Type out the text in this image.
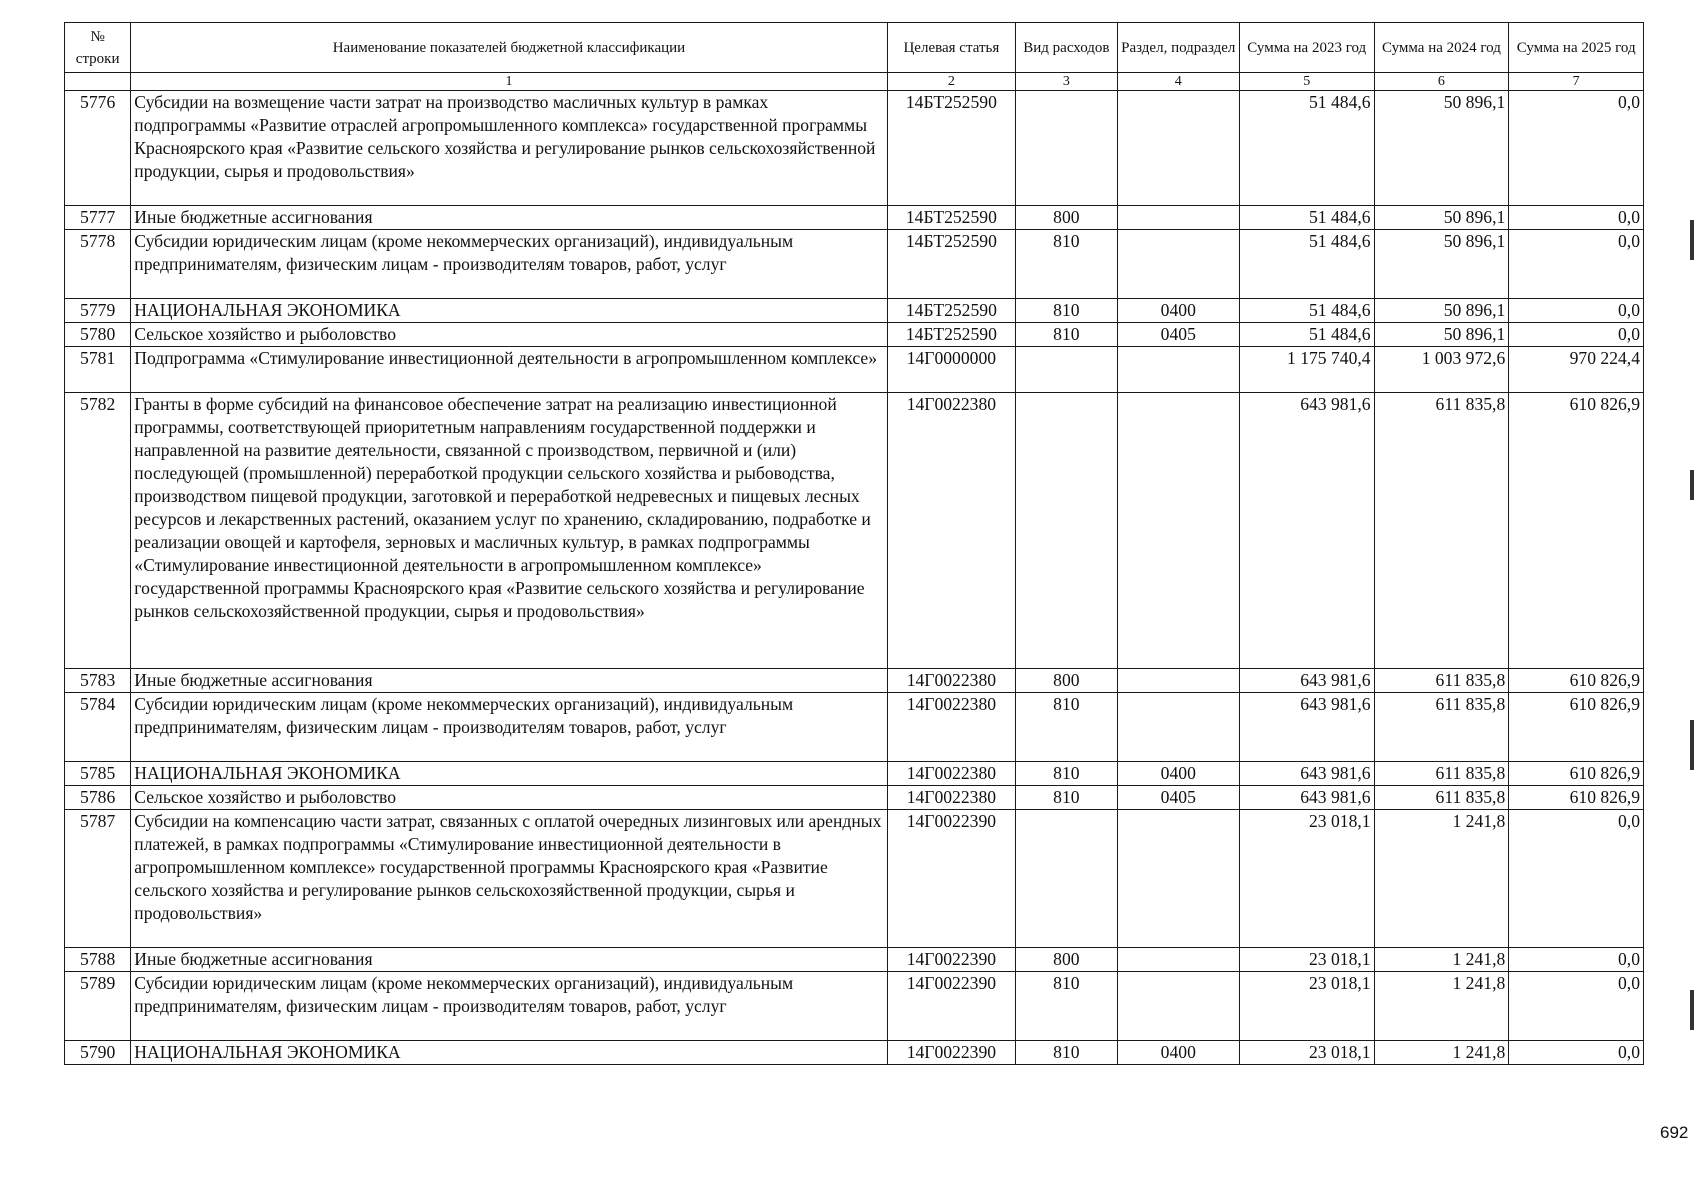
№ строки	Наименование показателей бюджетной классификации	Целевая статья	Вид расходов	Раздел, подраздел	Сумма на 2023 год	Сумма на 2024 год	Сумма на 2025 год
	1	2	3	4	5	6	7
5776	Субсидии на возмещение части затрат на производство масличных культур в рамках подпрограммы «Развитие отраслей агропромышленного комплекса» государственной программы Красноярского края «Развитие сельского хозяйства и регулирование рынков сельскохозяйственной продукции, сырья и продовольствия»	14БТ252590			51 484,6	50 896,1	0,0
5777	Иные бюджетные ассигнования	14БТ252590	800		51 484,6	50 896,1	0,0
5778	Субсидии юридическим лицам (кроме некоммерческих организаций), индивидуальным предпринимателям, физическим лицам - производителям товаров, работ, услуг	14БТ252590	810		51 484,6	50 896,1	0,0
5779	НАЦИОНАЛЬНАЯ ЭКОНОМИКА	14БТ252590	810	0400	51 484,6	50 896,1	0,0
5780	Сельское хозяйство и рыболовство	14БТ252590	810	0405	51 484,6	50 896,1	0,0
5781	Подпрограмма «Стимулирование инвестиционной деятельности в агропромышленном комплексе»	14Г0000000			1 175 740,4	1 003 972,6	970 224,4
5782	Гранты в форме субсидий на финансовое обеспечение затрат на реализацию инвестиционной программы, соответствующей приоритетным направлениям государственной поддержки и направленной на развитие деятельности, связанной с производством, первичной и (или) последующей (промышленной) переработкой продукции сельского хозяйства и рыбоводства, производством пищевой продукции, заготовкой и переработкой недревесных и пищевых лесных ресурсов и лекарственных растений, оказанием услуг по хранению, складированию, подработке и реализации овощей и картофеля, зерновых и масличных культур, в рамках подпрограммы «Стимулирование инвестиционной деятельности в агропромышленном комплексе» государственной программы Красноярского края «Развитие сельского хозяйства и регулирование рынков сельскохозяйственной продукции, сырья и продовольствия»	14Г0022380			643 981,6	611 835,8	610 826,9
5783	Иные бюджетные ассигнования	14Г0022380	800		643 981,6	611 835,8	610 826,9
5784	Субсидии юридическим лицам (кроме некоммерческих организаций), индивидуальным предпринимателям, физическим лицам - производителям товаров, работ, услуг	14Г0022380	810		643 981,6	611 835,8	610 826,9
5785	НАЦИОНАЛЬНАЯ ЭКОНОМИКА	14Г0022380	810	0400	643 981,6	611 835,8	610 826,9
5786	Сельское хозяйство и рыболовство	14Г0022380	810	0405	643 981,6	611 835,8	610 826,9
5787	Субсидии на компенсацию части затрат, связанных с оплатой очередных лизинговых или арендных платежей, в рамках подпрограммы «Стимулирование инвестиционной деятельности в агропромышленном комплексе» государственной программы Красноярского края «Развитие сельского хозяйства и регулирование рынков сельскохозяйственной продукции, сырья и продовольствия»	14Г0022390			23 018,1	1 241,8	0,0
5788	Иные бюджетные ассигнования	14Г0022390	800		23 018,1	1 241,8	0,0
5789	Субсидии юридическим лицам (кроме некоммерческих организаций), индивидуальным предпринимателям, физическим лицам - производителям товаров, работ, услуг	14Г0022390	810		23 018,1	1 241,8	0,0
5790	НАЦИОНАЛЬНАЯ ЭКОНОМИКА	14Г0022390	810	0400	23 018,1	1 241,8	0,0
692
